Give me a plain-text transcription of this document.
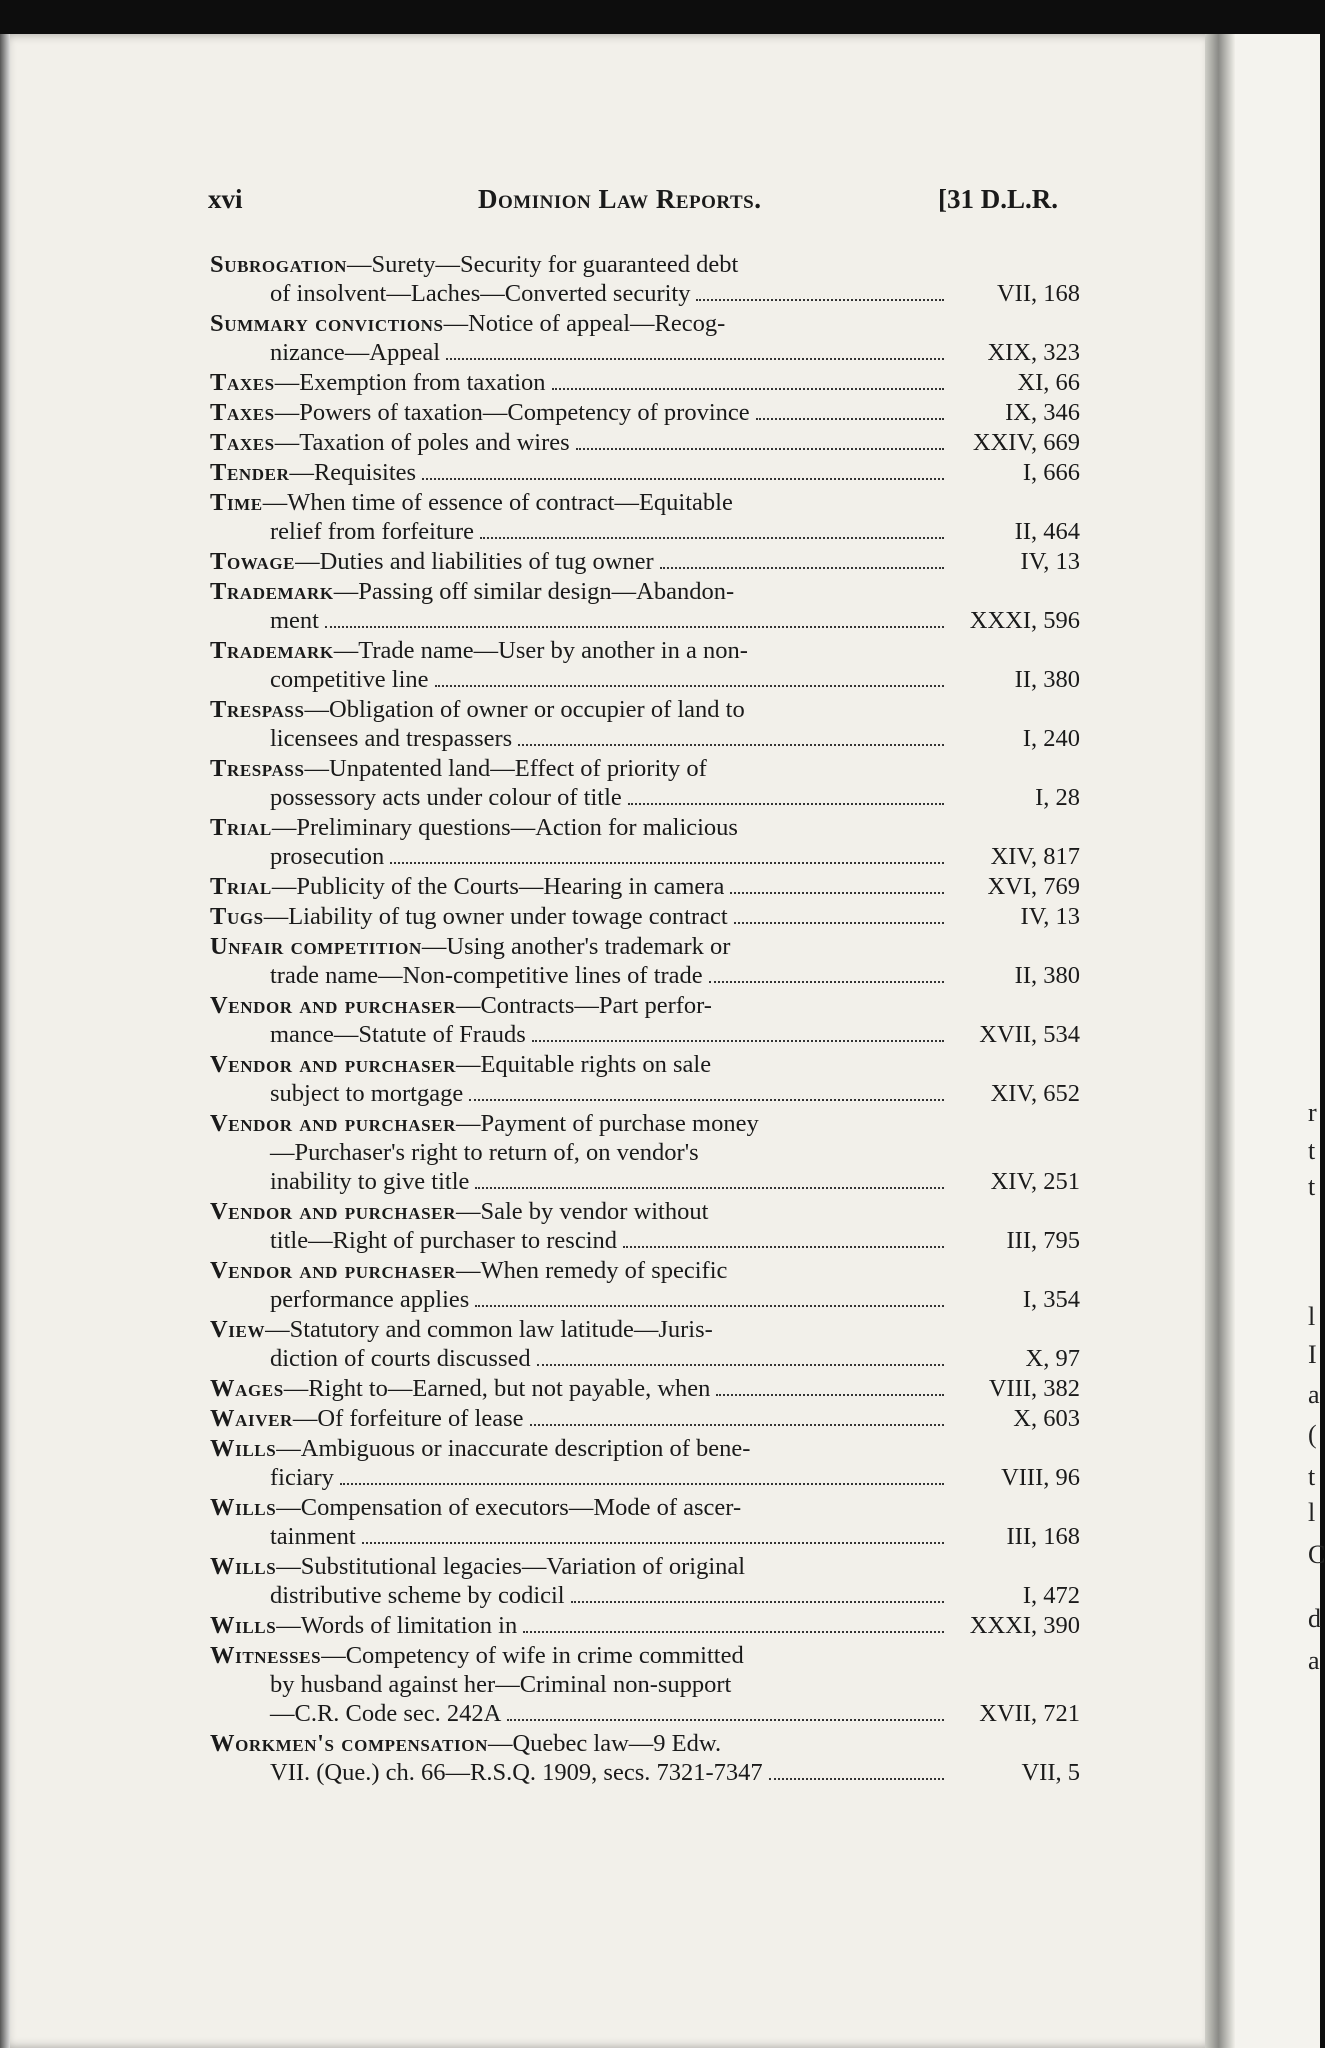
xvi	Dominion Law Reports.	[31 D.L.R.
Subrogation —Surety—Security for guaranteed debt
of insolvent—Laches—Converted security	VII, 168
Summary convictions —Notice of appeal—Recog-
nizance—Appeal	XIX, 323
Taxes —Exemption from taxation	XI, 66
Taxes —Powers of taxation—Competency of province	IX, 346
Taxes —Taxation of poles and wires	XXIV, 669
Tender —Requisites	I, 666
Time —When time of essence of contract—Equitable
relief from forfeiture	II, 464
Towage —Duties and liabilities of tug owner	IV, 13
Trademark —Passing off similar design—Abandon-
ment	XXXI, 596
Trademark —Trade name—User by another in a non-
competitive line	II, 380
Trespass —Obligation of owner or occupier of land to
licensees and trespassers	I, 240
Trespass —Unpatented land—Effect of priority of
possessory acts under colour of title	I, 28
Trial —Preliminary questions—Action for malicious
prosecution	XIV, 817
Trial —Publicity of the Courts—Hearing in camera	XVI, 769
Tugs —Liability of tug owner under towage contract	IV, 13
Unfair competition —Using another's trademark or
trade name—Non-competitive lines of trade	II, 380
Vendor and purchaser —Contracts—Part perfor-
mance—Statute of Frauds	XVII, 534
Vendor and purchaser —Equitable rights on sale
subject to mortgage	XIV, 652
Vendor and purchaser —Payment of purchase money
—Purchaser's right to return of, on vendor's
inability to give title	XIV, 251
Vendor and purchaser —Sale by vendor without
title—Right of purchaser to rescind	III, 795
Vendor and purchaser —When remedy of specific
performance applies	I, 354
View —Statutory and common law latitude—Juris-
diction of courts discussed	X, 97
Wages —Right to—Earned, but not payable, when	VIII, 382
Waiver —Of forfeiture of lease	X, 603
Wills —Ambiguous or inaccurate description of bene-
ficiary	VIII, 96
Wills —Compensation of executors—Mode of ascer-
tainment	III, 168
Wills —Substitutional legacies—Variation of original
distributive scheme by codicil	I, 472
Wills —Words of limitation in	XXXI, 390
Witnesses —Competency of wife in crime committed
by husband against her—Criminal non-support
—C.R. Code sec. 242A	XVII, 721
Workmen's compensation —Quebec law—9 Edw.
VII. (Que.) ch. 66—R.S.Q. 1909, secs. 7321-7347	VII, 5
r
t
t
l
I
a
(
t
l
C
d
a
